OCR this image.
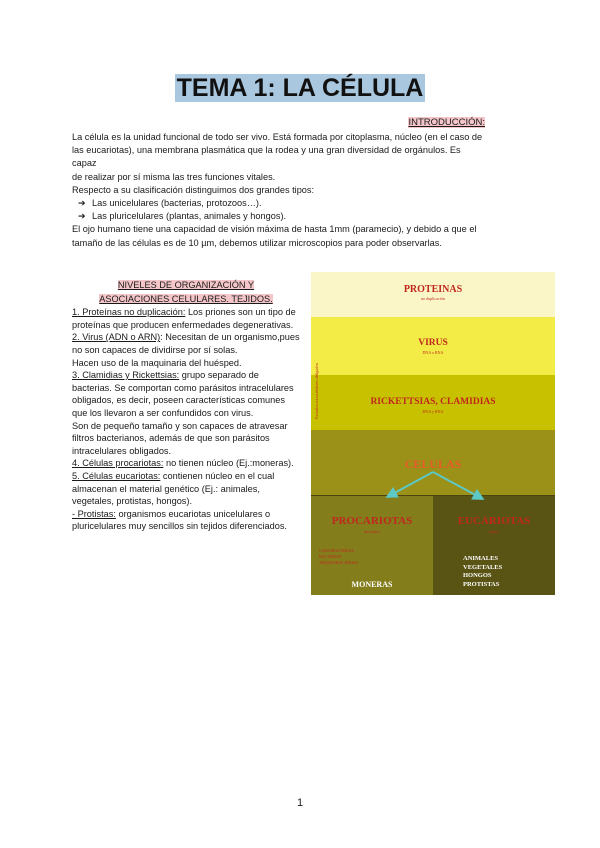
TEMA 1: LA CÉLULA
INTRODUCCIÓN:

La célula es la unidad funcional de todo ser vivo. Está formada por citoplasma, núcleo (en el caso de

las eucariotas), una membrana plasmática que la rodea y una gran diversidad de orgánulos. Es

capaz

de realizar por sí misma las tres funciones vitales.

Respecto a su clasificación distinguimos dos grandes tipos:

➔ Las unicelulares (bacterias, protozoos…).
➔ Las pluricelulares (plantas, animales y hongos).

El ojo humano tiene una capacidad de visión máxima de hasta 1mm (paramecio), y debido a que el

tamaño de las células es de 10 µm, debemos utilizar microscopios para poder observarlas.

NIVELES DE ORGANIZACIÓN Y
ASOCIACIONES CELULARES. TEJIDOS.

1. Proteínas no duplicación: Los priones son un tipo de proteínas que producen enfermedades degenerativas.

2. Virus (ADN o ARN): Necesitan de un organismo,pues no son capaces de dividirse por sí solas.

Hacen uso de la maquinaria del huésped.

3. Clamidias y Rickettsias: grupo separado de bacterias. Se comportan como parásitos intracelulares obligados, es decir, poseen características comunes que los llevaron a ser confundidos con virus.

Son de pequeño tamaño y son capaces de atravesar filtros bacterianos, además de que son parásitos intracelulares obligados.

4. Células procariotas: no tienen núcleo (Ej.:moneras).

5. Células eucariotas: contienen núcleo en el cual almacenan el material genético (Ej.: animales, vegetales, protistas, hongos).

- Protistas: organismos eucariotas unicelulares o pluricelulares muy sencillos sin tejidos diferenciados.

PROTEINAS
no duplicación
VIRUS
DNA o RNA
RICKETTSIAS, CLAMIDIAS
DNA y RNA
Parásitos intracelulares obligados
CELULAS
PROCARIOTAS
sin núcleo
EUCARIOTAS
núcleo
CIANOBACTERIAS
BACTERIAS
ARQUEOBACTERIAS
MONERAS
ANIMALES
VEGETALES
HONGOS
PROTISTAS
1
